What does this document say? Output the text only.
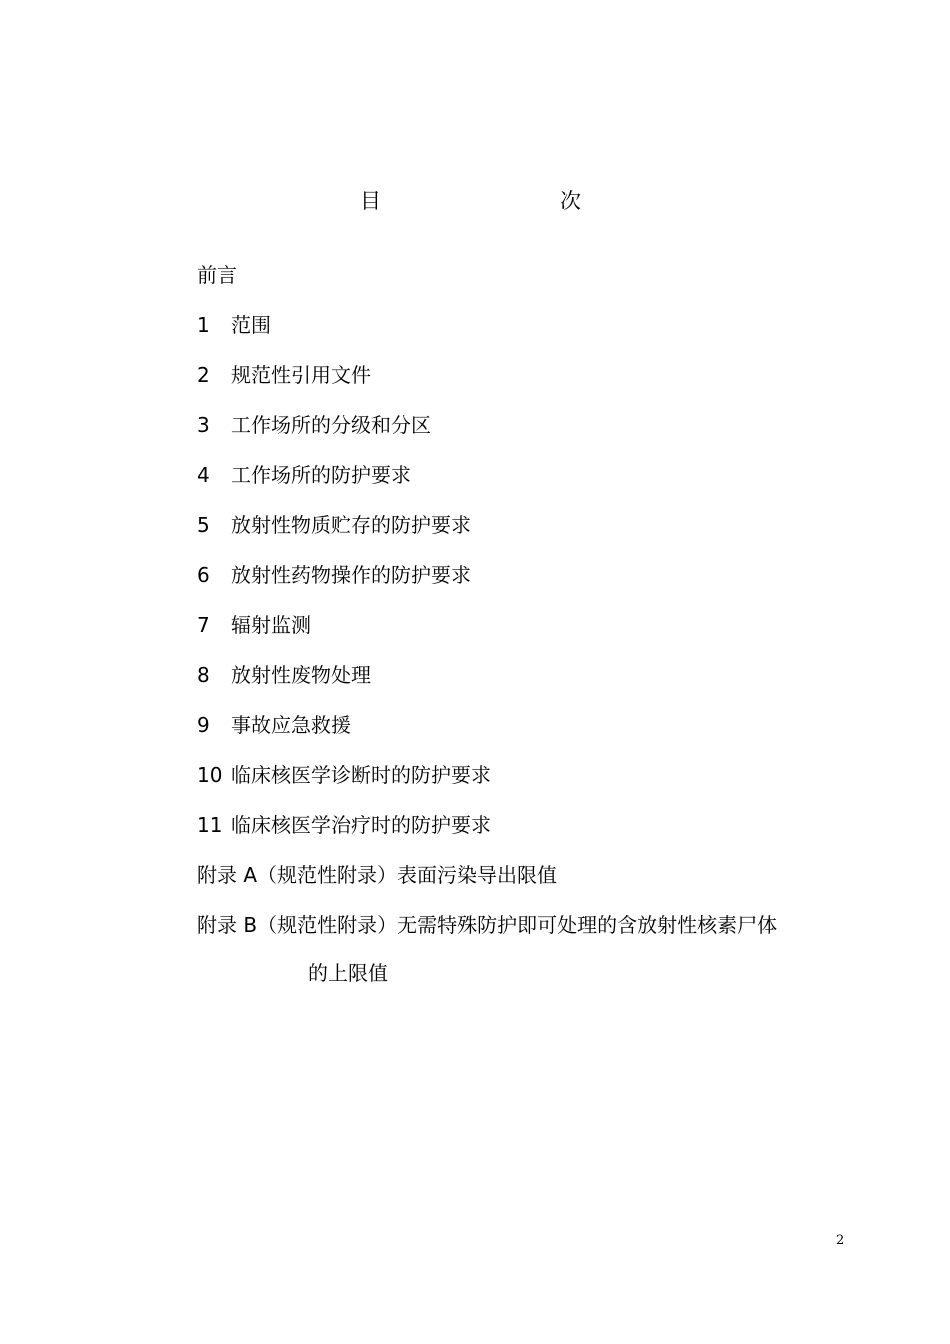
目	次
前言
1	范围
2	规范性引用文件
3	工作场所的分级和分区
4	工作场所的防护要求
5	放射性物质贮存的防护要求
6	放射性药物操作的防护要求
7	辐射监测
8	放射性废物处理
9	事故应急救援
10 临床核医学诊断时的防护要求
11 临床核医学治疗时的防护要求
附录 A（规范性附录）表面污染导出限值
附录 B（规范性附录）无需特殊防护即可处理的含放射性核素尸体
的上限值
2
